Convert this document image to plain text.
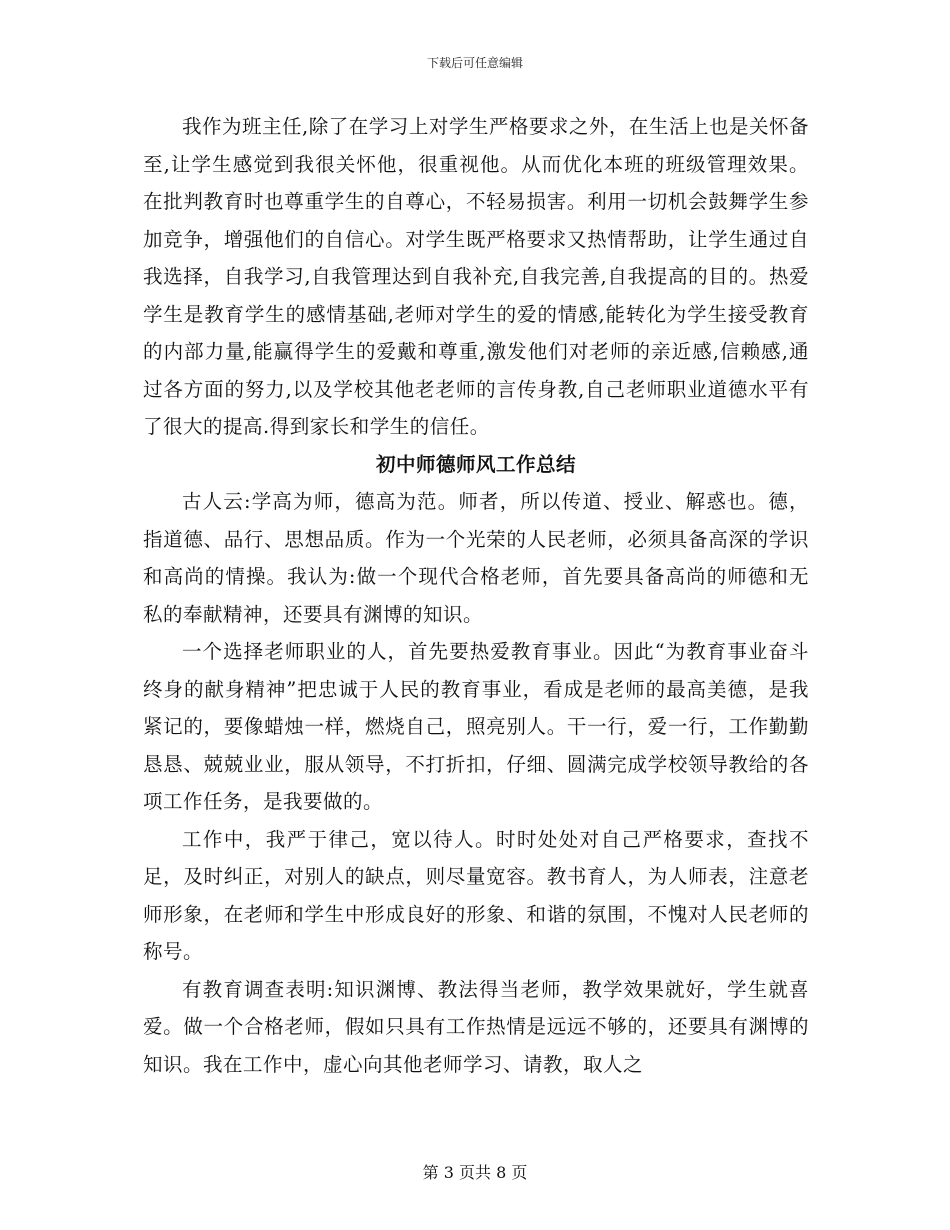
下载后可任意编辑

我作为班主任,除了在学习上对学生严格要求之外，在生活上也是关怀备至,让学生感觉到我很关怀他，很重视他。从而优化本班的班级管理效果。在批判教育时也尊重学生的自尊心，不轻易损害。利用一切机会鼓舞学生参加竞争，增强他们的自信心。对学生既严格要求又热情帮助，让学生通过自我选择，自我学习,自我管理达到自我补充,自我完善,自我提高的目的。热爱学生是教育学生的感情基础,老师对学生的爱的情感,能转化为学生接受教育的内部力量,能赢得学生的爱戴和尊重,激发他们对老师的亲近感,信赖感,通过各方面的努力,以及学校其他老老师的言传身教,自己老师职业道德水平有了很大的提高.得到家长和学生的信任。

初中师德师风工作总结

古人云:学高为师，德高为范。师者，所以传道、授业、解惑也。德，指道德、品行、思想品质。作为一个光荣的人民老师，必须具备高深的学识和高尚的情操。我认为:做一个现代合格老师，首先要具备高尚的师德和无私的奉献精神，还要具有渊博的知识。

一个选择老师职业的人，首先要热爱教育事业。因此“为教育事业奋斗终身的献身精神”把忠诚于人民的教育事业，看成是老师的最高美德，是我紧记的，要像蜡烛一样，燃烧自己，照亮别人。干一行，爱一行，工作勤勤恳恳、兢兢业业，服从领导，不打折扣，仔细、圆满完成学校领导教给的各项工作任务，是我要做的。

工作中，我严于律己，宽以待人。时时处处对自己严格要求，查找不足，及时纠正，对别人的缺点，则尽量宽容。教书育人，为人师表，注意老师形象，在老师和学生中形成良好的形象、和谐的氛围，不愧对人民老师的称号。

有教育调查表明:知识渊博、教法得当老师，教学效果就好，学生就喜爱。做一个合格老师，假如只具有工作热情是远远不够的，还要具有渊博的知识。我在工作中，虚心向其他老师学习、请教，取人之

第 3 页共 8 页
